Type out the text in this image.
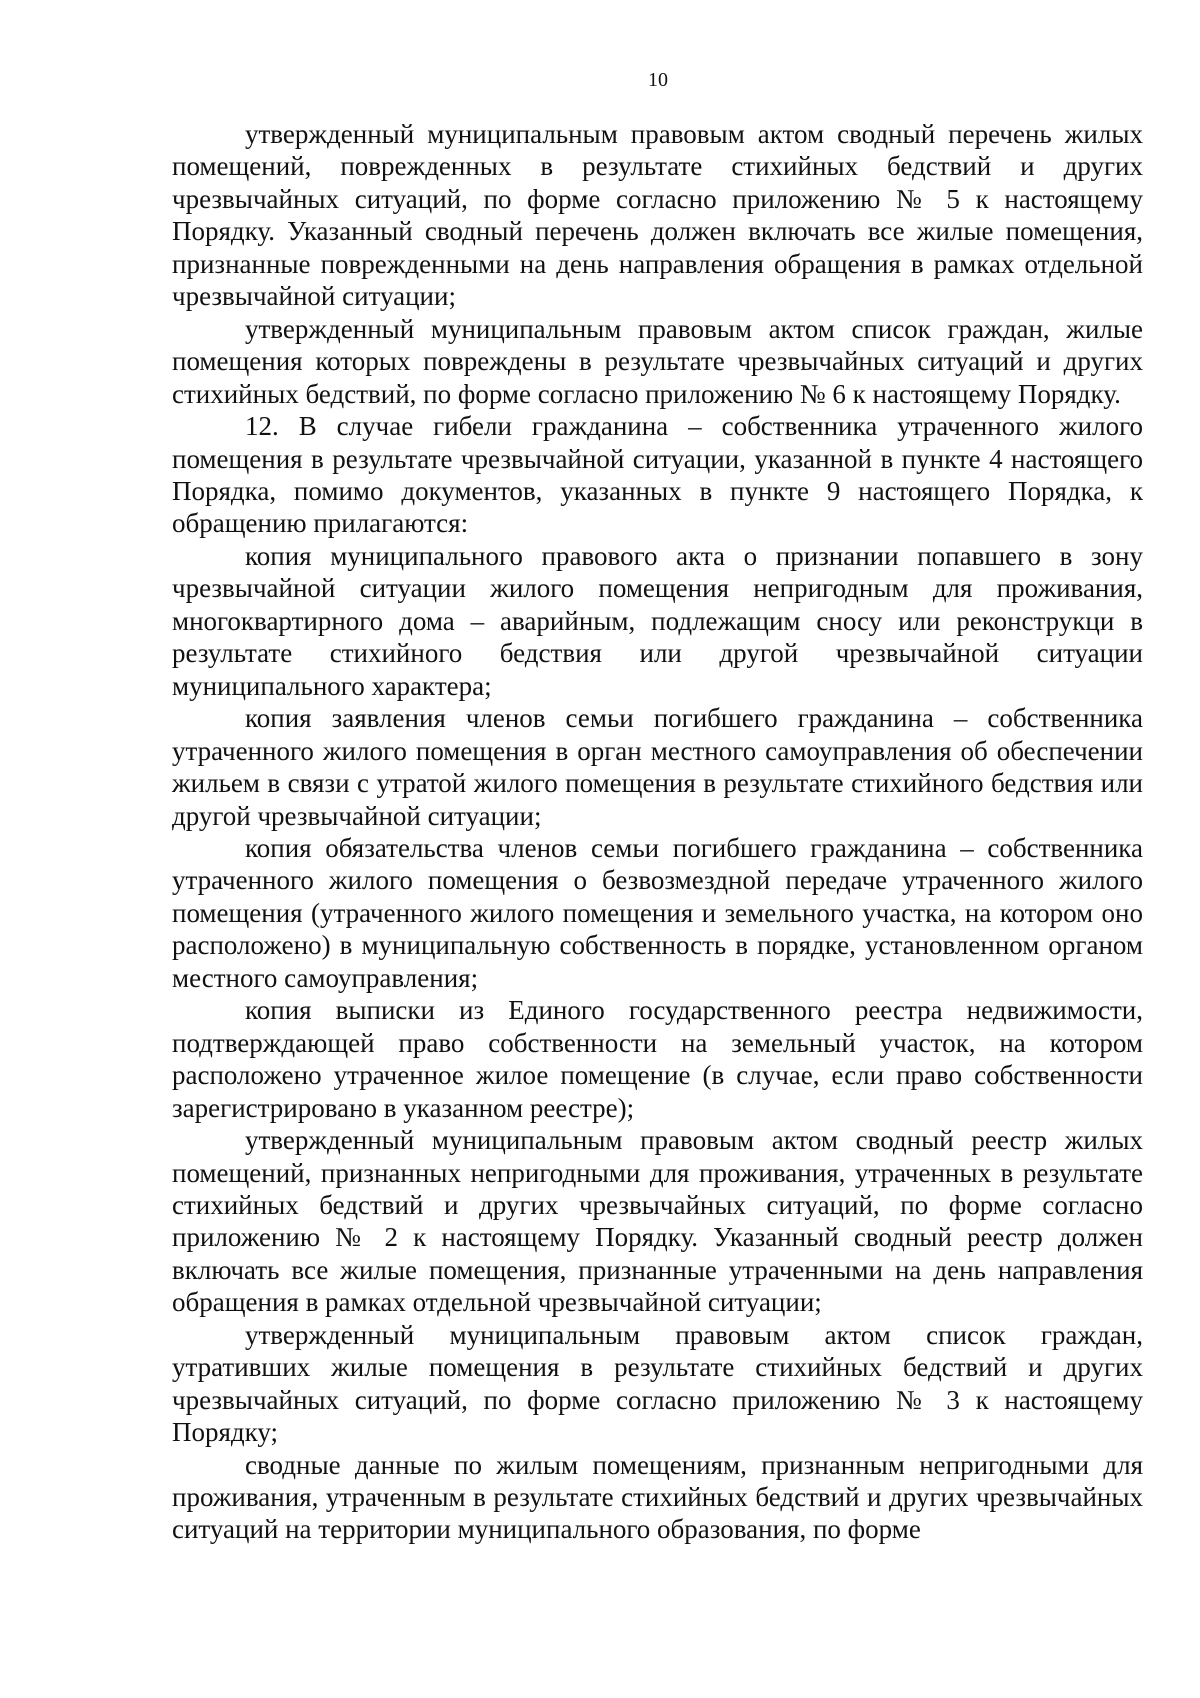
10

утвержденный муниципальным правовым актом сводный перечень жилых помещений, поврежденных в результате стихийных бедствий и других чрезвычайных ситуаций, по форме согласно приложению № 5 к настоящему Порядку. Указанный сводный перечень должен включать все жилые помещения, признанные поврежденными на день направления обращения в рамках отдельной чрезвычайной ситуации;

утвержденный муниципальным правовым актом список граждан, жилые помещения которых повреждены в результате чрезвычайных ситуаций и других стихийных бедствий, по форме согласно приложению № 6 к настоящему Порядку.

12. В случае гибели гражданина – собственника утраченного жилого помещения в результате чрезвычайной ситуации, указанной в пункте 4 настоящего Порядка, помимо документов, указанных в пункте 9 настоящего Порядка, к обращению прилагаются:

копия муниципального правового акта о признании попавшего в зону чрезвычайной ситуации жилого помещения непригодным для проживания, многоквартирного дома – аварийным, подлежащим сносу или реконструкци в результате стихийного бедствия или другой чрезвычайной ситуации муниципального характера;

копия заявления членов семьи погибшего гражданина – собственника утраченного жилого помещения в орган местного самоуправления об обеспечении жильем в связи с утратой жилого помещения в результате стихийного бедствия или другой чрезвычайной ситуации;

копия обязательства членов семьи погибшего гражданина – собственника утраченного жилого помещения о безвозмездной передаче утраченного жилого помещения (утраченного жилого помещения и земельного участка, на котором оно расположено) в муниципальную собственность в порядке, установленном органом местного самоуправления;

копия выписки из Единого государственного реестра недвижимости, подтверждающей право собственности на земельный участок, на котором расположено утраченное жилое помещение (в случае, если право собственности зарегистрировано в указанном реестре);

утвержденный муниципальным правовым актом сводный реестр жилых помещений, признанных непригодными для проживания, утраченных в результате стихийных бедствий и других чрезвычайных ситуаций, по форме согласно приложению № 2 к настоящему Порядку. Указанный сводный реестр должен включать все жилые помещения, признанные утраченными на день направления обращения в рамках отдельной чрезвычайной ситуации;

утвержденный муниципальным правовым актом список граждан, утративших жилые помещения в результате стихийных бедствий и других чрезвычайных ситуаций, по форме согласно приложению № 3 к настоящему Порядку;

сводные данные по жилым помещениям, признанным непригодными для проживания, утраченным в результате стихийных бедствий и других чрезвычайных ситуаций на территории муниципального образования, по форме
